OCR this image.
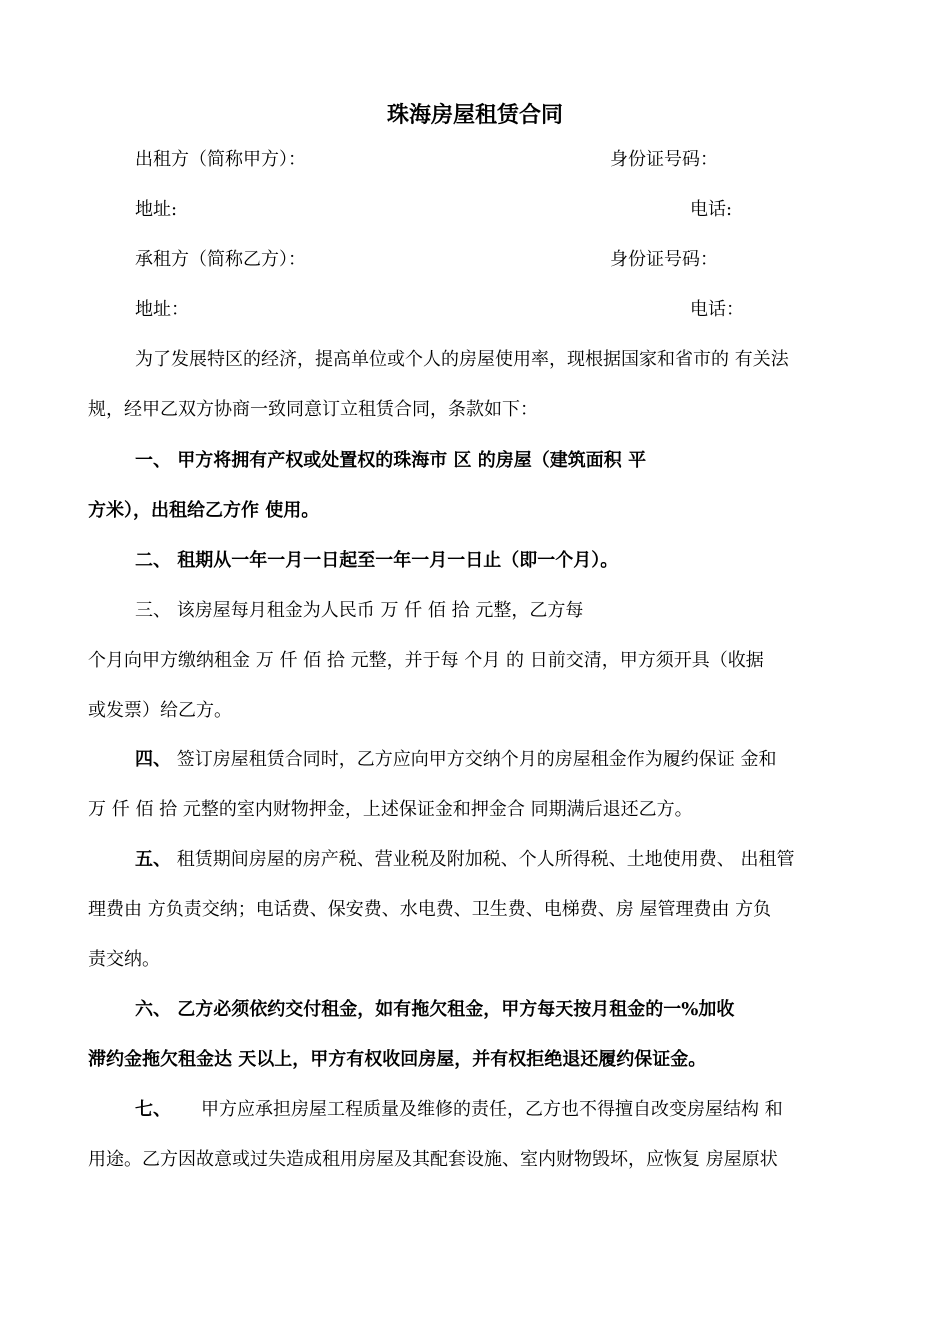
珠海房屋租赁合同
出租方（简称甲方）：	身份证号码：
地址:	电话:
承租方（简称乙方）：	身份证号码：
地址：	电话：
为了发展特区的经济，提高单位或个人的房屋使用率，现根据国家和省市的 有关法
规，经甲乙双方协商一致同意订立租赁合同，条款如下：
一、 甲方将拥有产权或处置权的珠海市 区 的房屋（建筑面积 平
方米），出租给乙方作 使用。
二、 租期从一年一月一日起至一年一月一日止（即一个月）。
三、 该房屋每月租金为人民币 万 仟 佰 拾 元整，乙方每
个月向甲方缴纳租金 万 仟 佰 拾 元整，并于每 个月 的 日前交清，甲方须开具（收据
或发票）给乙方。
四、 签订房屋租赁合同时，乙方应向甲方交纳个月的房屋租金作为履约保证 金和
万 仟 佰 拾 元整的室内财物押金，上述保证金和押金合 同期满后退还乙方。
五、 租赁期间房屋的房产税、营业税及附加税、个人所得税、土地使用费、 出租管
理费由 方负责交纳；电话费、保安费、水电费、卫生费、电梯费、房 屋管理费由 方负
责交纳。
六、 乙方必须依约交付租金，如有拖欠租金，甲方每天按月租金的一%加收
滞约金拖欠租金达 天以上，甲方有权收回房屋，并有权拒绝退还履约保证金。
七、 甲方应承担房屋工程质量及维修的责任，乙方也不得擅自改变房屋结构 和
用途。乙方因故意或过失造成租用房屋及其配套设施、室内财物毁坏，应恢复 房屋原状
